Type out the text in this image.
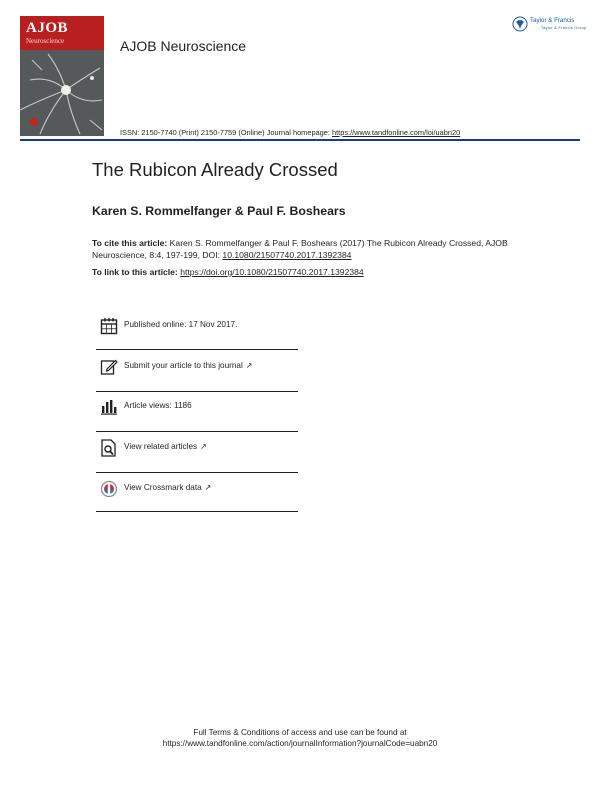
AJOB
Neuroscience	AJOB Neuroscience
ISSN: 2150-7740 (Print) 2150-7759 (Online) Journal homepage: https://www.tandfonline.com/loi/uabn20
Taylor & Francis
Taylor & Francis Group
The Rubicon Already Crossed
Karen S. Rommelfanger & Paul F. Boshears
To cite this article: Karen S. Rommelfanger & Paul F. Boshears (2017) The Rubicon Already Crossed, AJOB Neuroscience, 8:4, 197-199, DOI: 10.1080/21507740.2017.1392384
To link to this article: https://doi.org/10.1080/21507740.2017.1392384
Published online: 17 Nov 2017.
Submit your article to this journal ↗
Article views: 1186
View related articles ↗
View Crossmark data ↗
Full Terms & Conditions of access and use can be found at
https://www.tandfonline.com/action/journalInformation?journalCode=uabn20
